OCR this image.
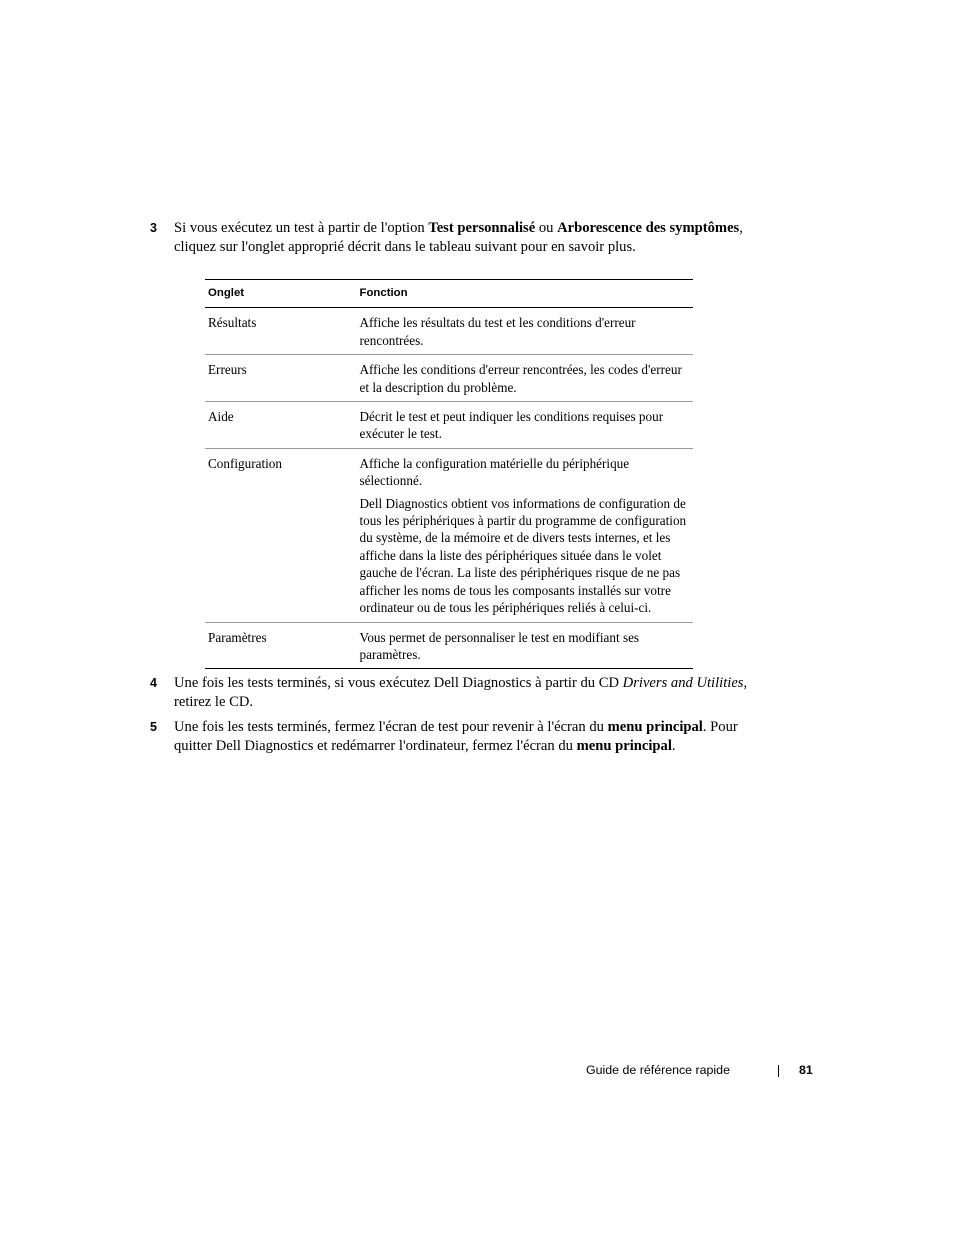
3 Si vous exécutez un test à partir de l'option Test personnalisé ou Arborescence des symptômes, cliquez sur l'onglet approprié décrit dans le tableau suivant pour en savoir plus.
Onglet	Fonction
Résultats	Affiche les résultats du test et les conditions d'erreur rencontrées.

Erreurs	Affiche les conditions d'erreur rencontrées, les codes d'erreur et la description du problème.

Aide	Décrit le test et peut indiquer les conditions requises pour exécuter le test.

Configuration	Affiche la configuration matérielle du périphérique sélectionné.
Dell Diagnostics obtient vos informations de configuration de tous les périphériques à partir du programme de configuration du système, de la mémoire et de divers tests internes, et les affiche dans la liste des périphériques située dans le volet gauche de l'écran. La liste des périphériques risque de ne pas afficher les noms de tous les composants installés sur votre ordinateur ou de tous les périphériques reliés à celui-ci.

Paramètres	Vous permet de personnaliser le test en modifiant ses paramètres.
4 Une fois les tests terminés, si vous exécutez Dell Diagnostics à partir du CD Drivers and Utilities, retirez le CD.
5 Une fois les tests terminés, fermez l'écran de test pour revenir à l'écran du menu principal. Pour quitter Dell Diagnostics et redémarrer l'ordinateur, fermez l'écran du menu principal.
Guide de référence rapide	81
